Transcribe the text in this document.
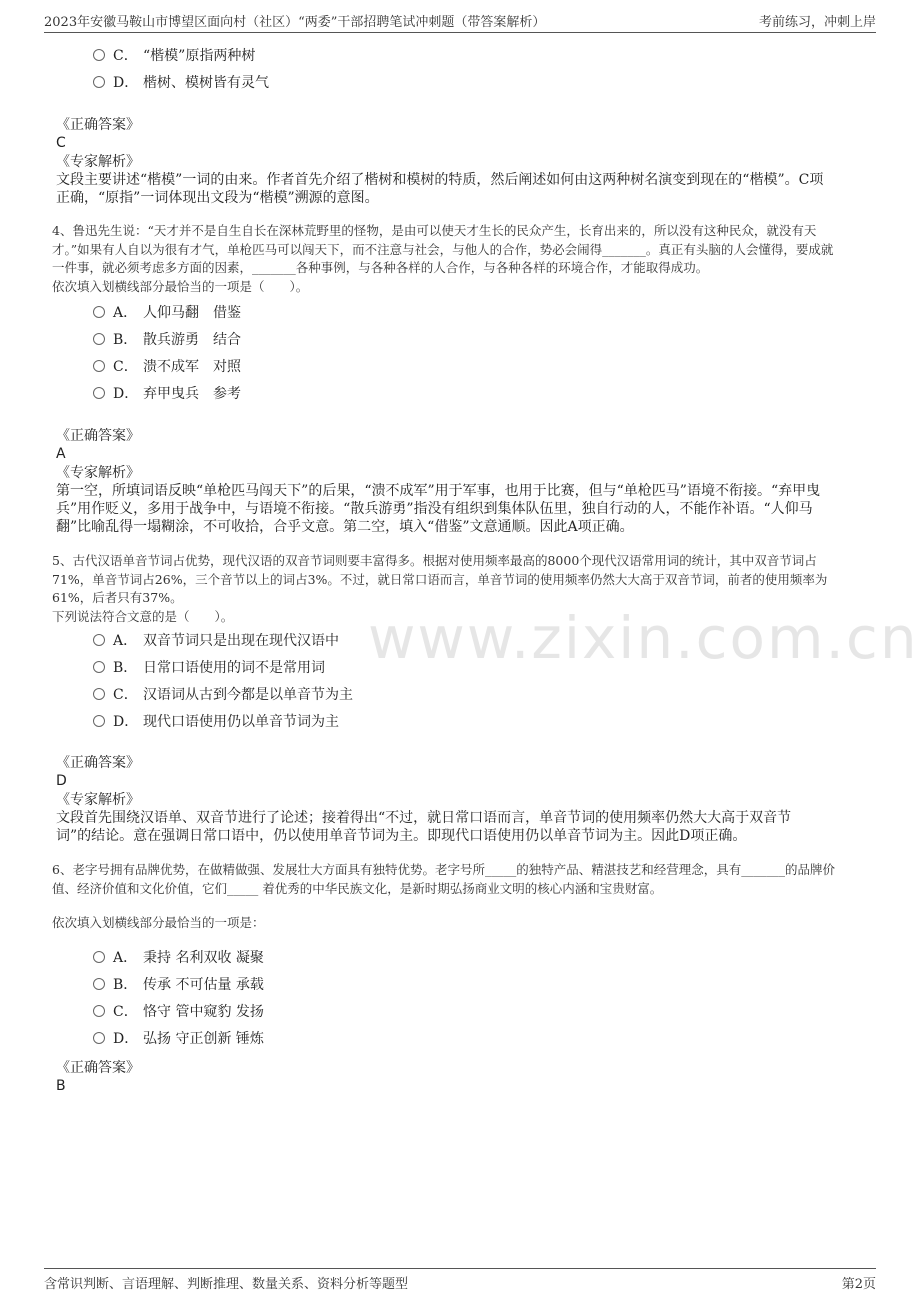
2023年安徽马鞍山市博望区面向村（社区）“两委”干部招聘笔试冲刺题（带答案解析）	考前练习，冲刺上岸
C． “楷模”原指两种树
D． 楷树、模树皆有灵气
《正确答案》
C
《专家解析》
文段主要讲述“楷模”一词的由来。作者首先介绍了楷树和模树的特质，然后阐述如何由这两种树名演变到现在的“楷模”。C项
正确，“原指”一词体现出文段为“楷模”溯源的意图。
4、鲁迅先生说：“天才并不是自生自长在深林荒野里的怪物，是由可以使天才生长的民众产生，长育出来的，所以没有这种民众，就没有天
才。”如果有人自以为很有才气，单枪匹马可以闯天下，而不注意与社会，与他人的合作，势必会闹得_______。真正有头脑的人会懂得，要成就
一件事，就必须考虑多方面的因素，_______各种事例，与各种各样的人合作，与各种各样的环境合作，才能取得成功。
依次填入划横线部分最恰当的一项是（　　）。
A． 人仰马翻　借鉴
B． 散兵游勇　结合
C． 溃不成军　对照
D． 弃甲曳兵　参考
《正确答案》
A
《专家解析》
第一空，所填词语反映“单枪匹马闯天下”的后果，“溃不成军”用于军事，也用于比赛，但与“单枪匹马”语境不衔接。“弃甲曳
兵”用作贬义，多用于战争中，与语境不衔接。“散兵游勇”指没有组织到集体队伍里，独自行动的人，不能作补语。“人仰马
翻”比喻乱得一塌糊涂，不可收拾，合乎文意。第二空，填入“借鉴”文意通顺。因此A项正确。
5、古代汉语单音节词占优势，现代汉语的双音节词则要丰富得多。根据对使用频率最高的8000个现代汉语常用词的统计，其中双音节词占
71%，单音节词占26%，三个音节以上的词占3%。不过，就日常口语而言，单音节词的使用频率仍然大大高于双音节词，前者的使用频率为
61%，后者只有37%。
下列说法符合文意的是（　　）。
A． 双音节词只是出现在现代汉语中
B． 日常口语使用的词不是常用词
C． 汉语词从古到今都是以单音节为主
D． 现代口语使用仍以单音节词为主
《正确答案》
D
《专家解析》
文段首先围绕汉语单、双音节进行了论述；接着得出“不过，就日常口语而言，单音节词的使用频率仍然大大高于双音节
词”的结论。意在强调日常口语中，仍以使用单音节词为主。即现代口语使用仍以单音节词为主。因此D项正确。
6、老字号拥有品牌优势，在做精做强、发展壮大方面具有独特优势。老字号所_____的独特产品、精湛技艺和经营理念，具有_______的品牌价
值、经济价值和文化价值，它们_____ 着优秀的中华民族文化，是新时期弘扬商业文明的核心内涵和宝贵财富。
依次填入划横线部分最恰当的一项是：
A． 秉持 名利双收 凝聚
B． 传承 不可估量 承载
C． 恪守 管中窥豹 发扬
D． 弘扬 守正创新 锤炼
《正确答案》
B
含常识判断、言语理解、判断推理、数量关系、资料分析等题型	第2页
www.zixin.com.cn
